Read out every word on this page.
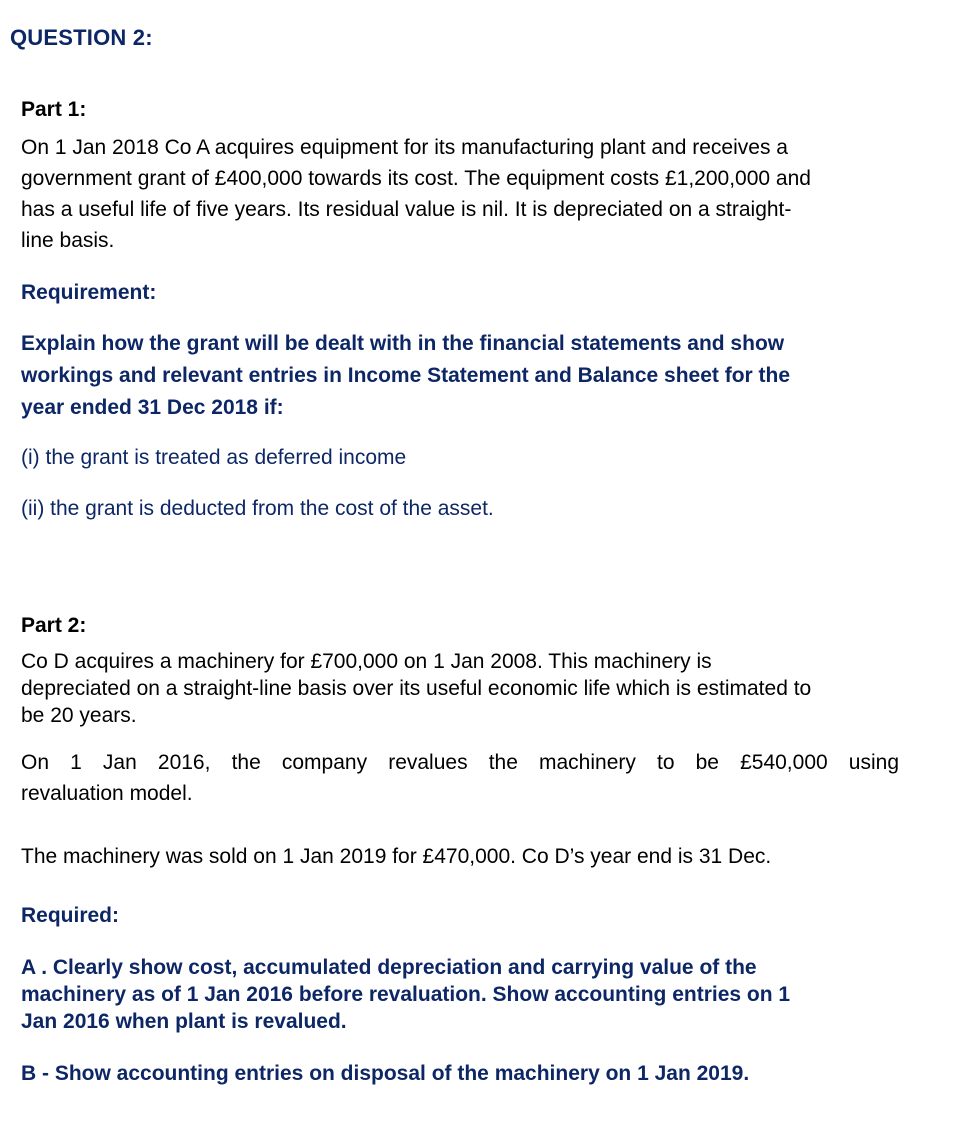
QUESTION 2:
Part 1:
On 1 Jan 2018 Co A acquires equipment for its manufacturing plant and receives a
government grant of £400,000 towards its cost. The equipment costs £1,200,000 and
has a useful life of five years. Its residual value is nil. It is depreciated on a straight-
line basis.
Requirement:
Explain how the grant will be dealt with in the financial statements and show
workings and relevant entries in Income Statement and Balance sheet for the
year ended 31 Dec 2018 if:
(i) the grant is treated as deferred income
(ii) the grant is deducted from the cost of the asset.
Part 2:
Co D acquires a machinery for £700,000 on 1 Jan 2008. This machinery is
depreciated on a straight-line basis over its useful economic life which is estimated to
be 20 years.
On 1 Jan 2016, the company revalues the machinery to be £540,000 using
revaluation model.
The machinery was sold on 1 Jan 2019 for £470,000. Co D’s year end is 31 Dec.
Required:
A . Clearly show cost, accumulated depreciation and carrying value of the
machinery as of 1 Jan 2016 before revaluation. Show accounting entries on 1
Jan 2016 when plant is revalued.
B - Show accounting entries on disposal of the machinery on 1 Jan 2019.
